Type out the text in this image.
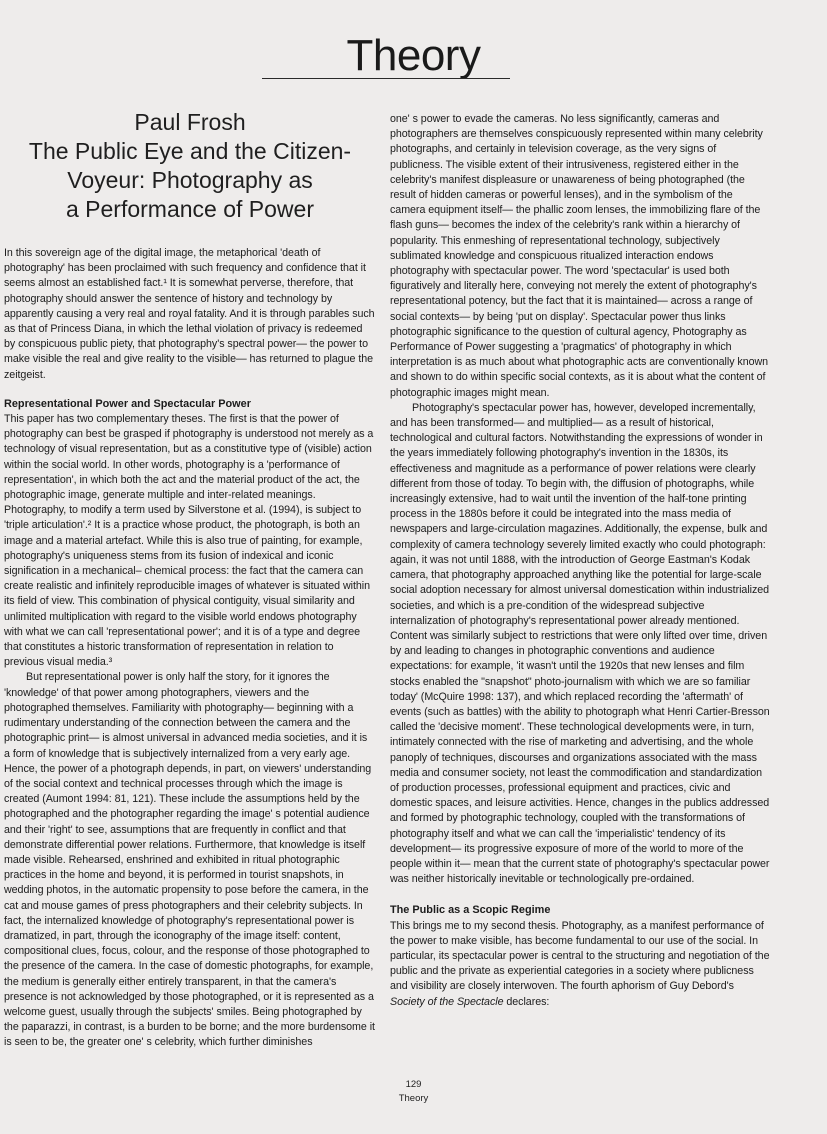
Theory
Paul Frosh
The Public Eye and the Citizen-
Voyeur: Photography as
a Performance of Power

In this sovereign age of the digital image, the metaphorical 'death of photography' has been proclaimed with such frequency and confidence that it seems almost an established fact.¹ It is somewhat perverse, therefore, that photography should answer the sentence of history and technology by apparently causing a very real and royal fatality. And it is through parables such as that of Princess Diana, in which the lethal violation of privacy is redeemed by conspicuous public piety, that photography's spectral power— the power to make visible the real and give reality to the visible— has returned to plague the zeitgeist.

Representational Power and Spectacular Power

This paper has two complementary theses. The first is that the power of photography can best be grasped if photography is understood not merely as a technology of visual representation, but as a constitutive type of (visible) action within the social world. In other words, photography is a 'performance of representation', in which both the act and the material product of the act, the photographic image, generate multiple and inter-related meanings. Photography, to modify a term used by Silverstone et al. (1994), is subject to 'triple articulation'.² It is a practice whose product, the photograph, is both an image and a material artefact. While this is also true of painting, for example, photography's uniqueness stems from its fusion of indexical and iconic signification in a mechanical– chemical process: the fact that the camera can create realistic and infinitely reproducible images of whatever is situated within its field of view. This combination of physical contiguity, visual similarity and unlimited multiplication with regard to the visible world endows photography with what we can call 'representational power'; and it is of a type and degree that constitutes a historic transformation of representation in relation to previous visual media.³

But representational power is only half the story, for it ignores the 'knowledge' of that power among photographers, viewers and the photographed themselves. Familiarity with photography— beginning with a rudimentary understanding of the connection between the camera and the photographic print— is almost universal in advanced media societies, and it is a form of knowledge that is subjectively internalized from a very early age. Hence, the power of a photograph depends, in part, on viewers' understanding of the social context and technical processes through which the image is created (Aumont 1994: 81, 121). These include the assumptions held by the photographed and the photographer regarding the image' s potential audience and their 'right' to see, assumptions that are frequently in conflict and that demonstrate differential power relations. Furthermore, that knowledge is itself made visible. Rehearsed, enshrined and exhibited in ritual photographic practices in the home and beyond, it is performed in tourist snapshots, in wedding photos, in the automatic propensity to pose before the camera, in the cat and mouse games of press photographers and their celebrity subjects. In fact, the internalized knowledge of photography's representational power is dramatized, in part, through the iconography of the image itself: content, compositional clues, focus, colour, and the response of those photographed to the presence of the camera. In the case of domestic photographs, for example, the medium is generally either entirely transparent, in that the camera's presence is not acknowledged by those photographed, or it is represented as a welcome guest, usually through the subjects' smiles. Being photographed by the paparazzi, in contrast, is a burden to be borne; and the more burdensome it is seen to be, the greater one' s celebrity, which further diminishes

one' s power to evade the cameras. No less significantly, cameras and photographers are themselves conspicuously represented within many celebrity photographs, and certainly in television coverage, as the very signs of publicness. The visible extent of their intrusiveness, registered either in the celebrity's manifest displeasure or unawareness of being photographed (the result of hidden cameras or powerful lenses), and in the symbolism of the camera equipment itself— the phallic zoom lenses, the immobilizing flare of the flash guns— becomes the index of the celebrity's rank within a hierarchy of popularity. This enmeshing of representational technology, subjectively sublimated knowledge and conspicuous ritualized interaction endows photography with spectacular power. The word 'spectacular' is used both figuratively and literally here, conveying not merely the extent of photography's representational potency, but the fact that it is maintained— across a range of social contexts— by being 'put on display'. Spectacular power thus links photographic significance to the question of cultural agency, Photography as Performance of Power suggesting a 'pragmatics' of photography in which interpretation is as much about what photographic acts are conventionally known and shown to do within specific social contexts, as it is about what the content of photographic images might mean.

Photography's spectacular power has, however, developed incrementally, and has been transformed— and multiplied— as a result of historical, technological and cultural factors. Notwithstanding the expressions of wonder in the years immediately following photography's invention in the 1830s, its effectiveness and magnitude as a performance of power relations were clearly different from those of today. To begin with, the diffusion of photographs, while increasingly extensive, had to wait until the invention of the half-tone printing process in the 1880s before it could be integrated into the mass media of newspapers and large-circulation magazines. Additionally, the expense, bulk and complexity of camera technology severely limited exactly who could photograph: again, it was not until 1888, with the introduction of George Eastman's Kodak camera, that photography approached anything like the potential for large-scale social adoption necessary for almost universal domestication within industrialized societies, and which is a pre-condition of the widespread subjective internalization of photography's representational power already mentioned. Content was similarly subject to restrictions that were only lifted over time, driven by and leading to changes in photographic conventions and audience expectations: for example, 'it wasn't until the 1920s that new lenses and film stocks enabled the "snapshot" photo-journalism with which we are so familiar today' (McQuire 1998: 137), and which replaced recording the 'aftermath' of events (such as battles) with the ability to photograph what Henri Cartier-Bresson called the 'decisive moment'. These technological developments were, in turn, intimately connected with the rise of marketing and advertising, and the whole panoply of techniques, discourses and organizations associated with the mass media and consumer society, not least the commodification and standardization of production processes, professional equipment and practices, civic and domestic spaces, and leisure activities. Hence, changes in the publics addressed and formed by photographic technology, coupled with the transformations of photography itself and what we can call the 'imperialistic' tendency of its development— its progressive exposure of more of the world to more of the people within it— mean that the current state of photography's spectacular power was neither historically inevitable or technologically pre-ordained.

The Public as a Scopic Regime

This brings me to my second thesis. Photography, as a manifest performance of the power to make visible, has become fundamental to our use of the social. In particular, its spectacular power is central to the structuring and negotiation of the public and the private as experiential categories in a society where publicness and visibility are closely interwoven. The fourth aphorism of Guy Debord's Society of the Spectacle declares:

129
Theory
